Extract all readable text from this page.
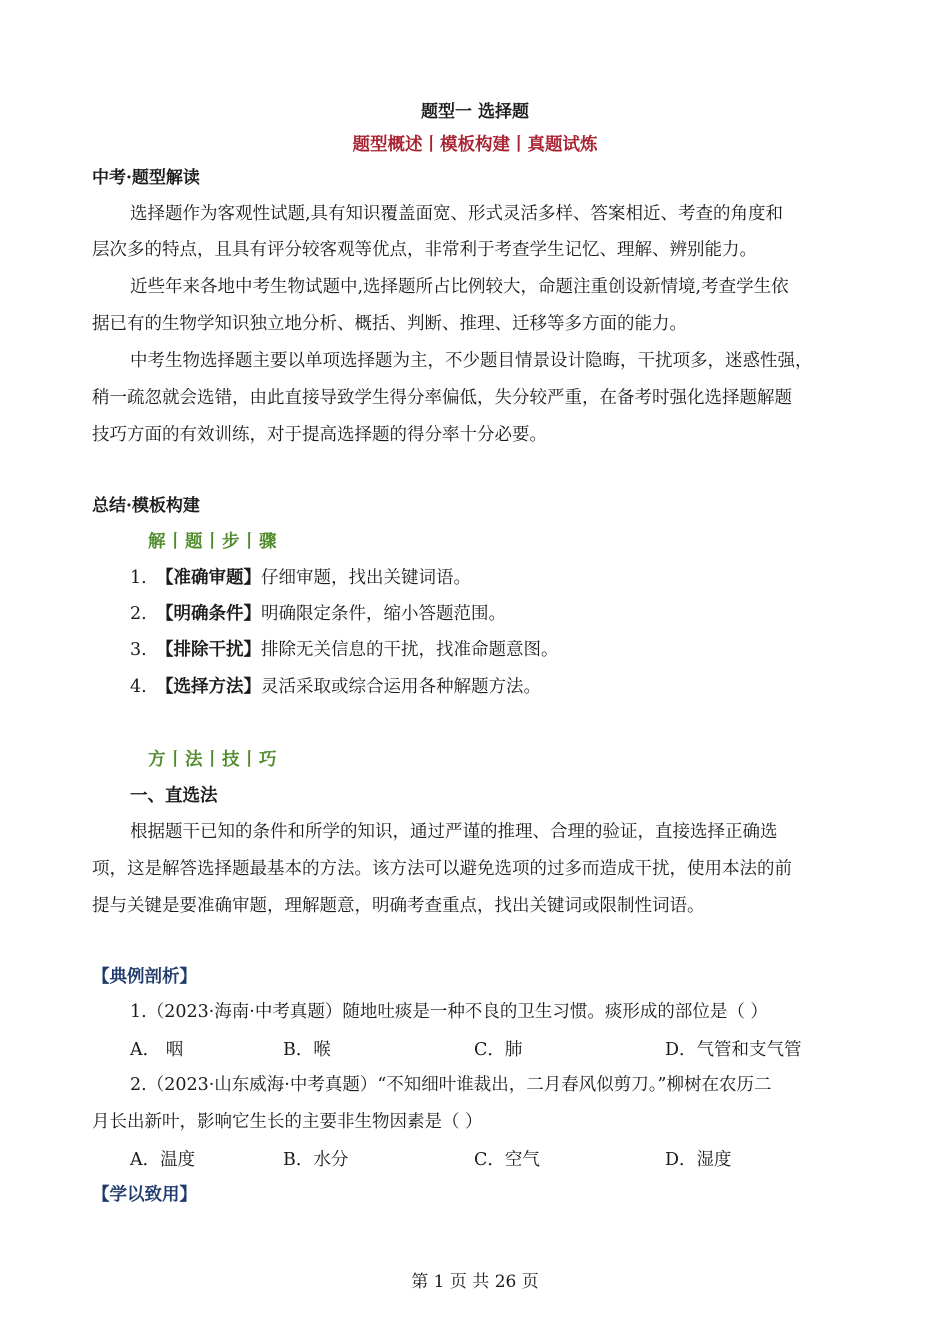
题型一 选择题
题型概述丨模板构建丨真题试炼
中考·题型解读
选择题作为客观性试题,具有知识覆盖面宽、形式灵活多样、答案相近、考查的角度和
层次多的特点，且具有评分较客观等优点，非常利于考查学生记忆、理解、辨别能力。
近些年来各地中考生物试题中,选择题所占比例较大，命题注重创设新情境,考查学生依
据已有的生物学知识独立地分析、概括、判断、推理、迁移等多方面的能力。
中考生物选择题主要以单项选择题为主，不少题目情景设计隐晦，干扰项多，迷惑性强，
稍一疏忽就会选错，由此直接导致学生得分率偏低，失分较严重，在备考时强化选择题解题
技巧方面的有效训练，对于提高选择题的得分率十分必要。
总结·模板构建
解丨题丨步丨骤
1. 【准确审题】仔细审题，找出关键词语。
2. 【明确条件】明确限定条件，缩小答题范围。
3. 【排除干扰】排除无关信息的干扰，找准命题意图。
4. 【选择方法】灵活采取或综合运用各种解题方法。
方丨法丨技丨巧
一、直选法
根据题干已知的条件和所学的知识，通过严谨的推理、合理的验证，直接选择正确选
项，这是解答选择题最基本的方法。该方法可以避免选项的过多而造成干扰，使用本法的前
提与关键是要准确审题，理解题意，明确考查重点，找出关键词或限制性词语。
【典例剖析】
1.（2023·海南·中考真题）随地吐痰是一种不良的卫生习惯。痰形成的部位是（ ）
A． 咽	B．喉	C．肺	D．气管和支气管
2.（2023·山东威海·中考真题）“不知细叶谁裁出，二月春风似剪刀。”柳树在农历二
月长出新叶，影响它生长的主要非生物因素是（ ）
A．温度	B．水分	C．空气	D．湿度
【学以致用】
第 1 页 共 26 页
